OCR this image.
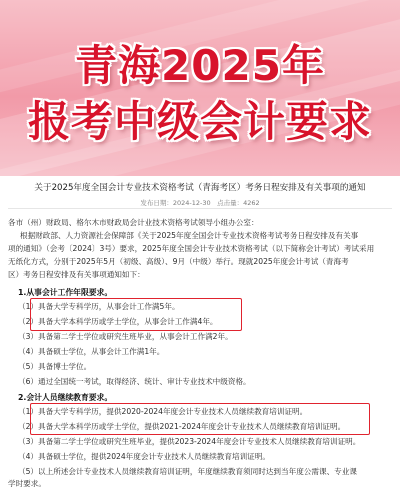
青海2025年
报考中级会计要求
关于2025年度全国会计专业技术资格考试（青海考区）考务日程安排及有关事项的通知
发布日期：2024-12-30　点击量：4262
各市（州）财政局、格尔木市财政局会计业技术资格考试领导小组办公室：
根据财政部、人力资源社会保障部《关于2025年度全国会计专业技术资格考试考务日程安排及有关事
项的通知》（会考〔2024〕3号）要求，2025年度全国会计专业技术资格考试（以下简称会计考试）考试采用
无纸化方式，分别于2025年5月（初级、高级）、9月（中级）举行。现就2025年度会计考试（青海考
区）考务日程安排及有关事项通知如下：
1.从事会计工作年限要求。
（1）具备大学专科学历，从事会计工作满5年。
（2）具备大学本科学历或学士学位，从事会计工作满4年。
（3）具备第二学士学位或研究生班毕业，从事会计工作满2年。
（4）具备硕士学位，从事会计工作满1年。
（5）具备博士学位。
（6）通过全国统一考试，取得经济、统计、审计专业技术中级资格。
2.会计人员继续教育要求。
（1）具备大学专科学历，提供2020-2024年度会计专业技术人员继续教育培训证明。
（2）具备大学本科学历或学士学位，提供2021-2024年度会计专业技术人员继续教育培训证明。
（3）具备第二学士学位或研究生班毕业，提供2023-2024年度会计专业技术人员继续教育培训证明。
（4）具备硕士学位，提供2024年度会计专业技术人员继续教育培训证明。
（5）以上所述会计专业技术人员继续教育培训证明，年度继续教育须同时达到当年度公需课、专业课
学时要求。
